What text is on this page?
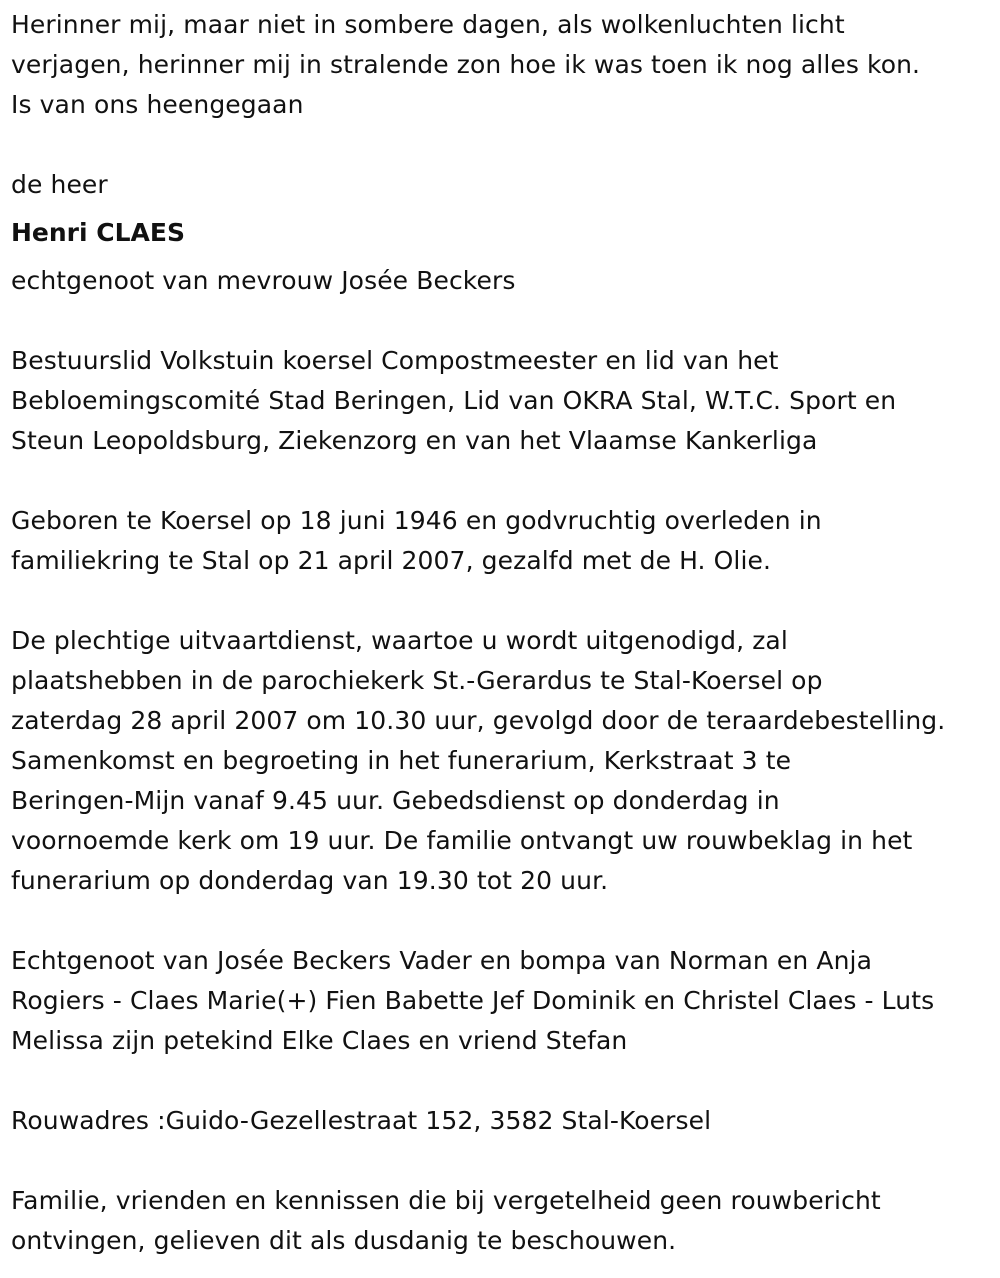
Herinner mij, maar niet in sombere dagen, als wolkenluchten licht
verjagen, herinner mij in stralende zon hoe ik was toen ik nog alles kon.
Is van ons heengegaan
de heer
Henri CLAES
echtgenoot van mevrouw Josée Beckers
Bestuurslid Volkstuin koersel Compostmeester en lid van het
Bebloemingscomité Stad Beringen, Lid van OKRA Stal, W.T.C. Sport en
Steun Leopoldsburg, Ziekenzorg en van het Vlaamse Kankerliga
Geboren te Koersel op 18 juni 1946 en godvruchtig overleden in
familiekring te Stal op 21 april 2007, gezalfd met de H. Olie.
De plechtige uitvaartdienst, waartoe u wordt uitgenodigd, zal
plaatshebben in de parochiekerk St.-Gerardus te Stal-Koersel op
zaterdag 28 april 2007 om 10.30 uur, gevolgd door de teraardebestelling.
Samenkomst en begroeting in het funerarium, Kerkstraat 3 te
Beringen-Mijn vanaf 9.45 uur. Gebedsdienst op donderdag in
voornoemde kerk om 19 uur. De familie ontvangt uw rouwbeklag in het
funerarium op donderdag van 19.30 tot 20 uur.
Echtgenoot van Josée Beckers Vader en bompa van Norman en Anja
Rogiers - Claes Marie(+) Fien Babette Jef Dominik en Christel Claes - Luts
Melissa zijn petekind Elke Claes en vriend Stefan
Rouwadres :Guido-Gezellestraat 152, 3582 Stal-Koersel
Familie, vrienden en kennissen die bij vergetelheid geen rouwbericht
ontvingen, gelieven dit als dusdanig te beschouwen.
